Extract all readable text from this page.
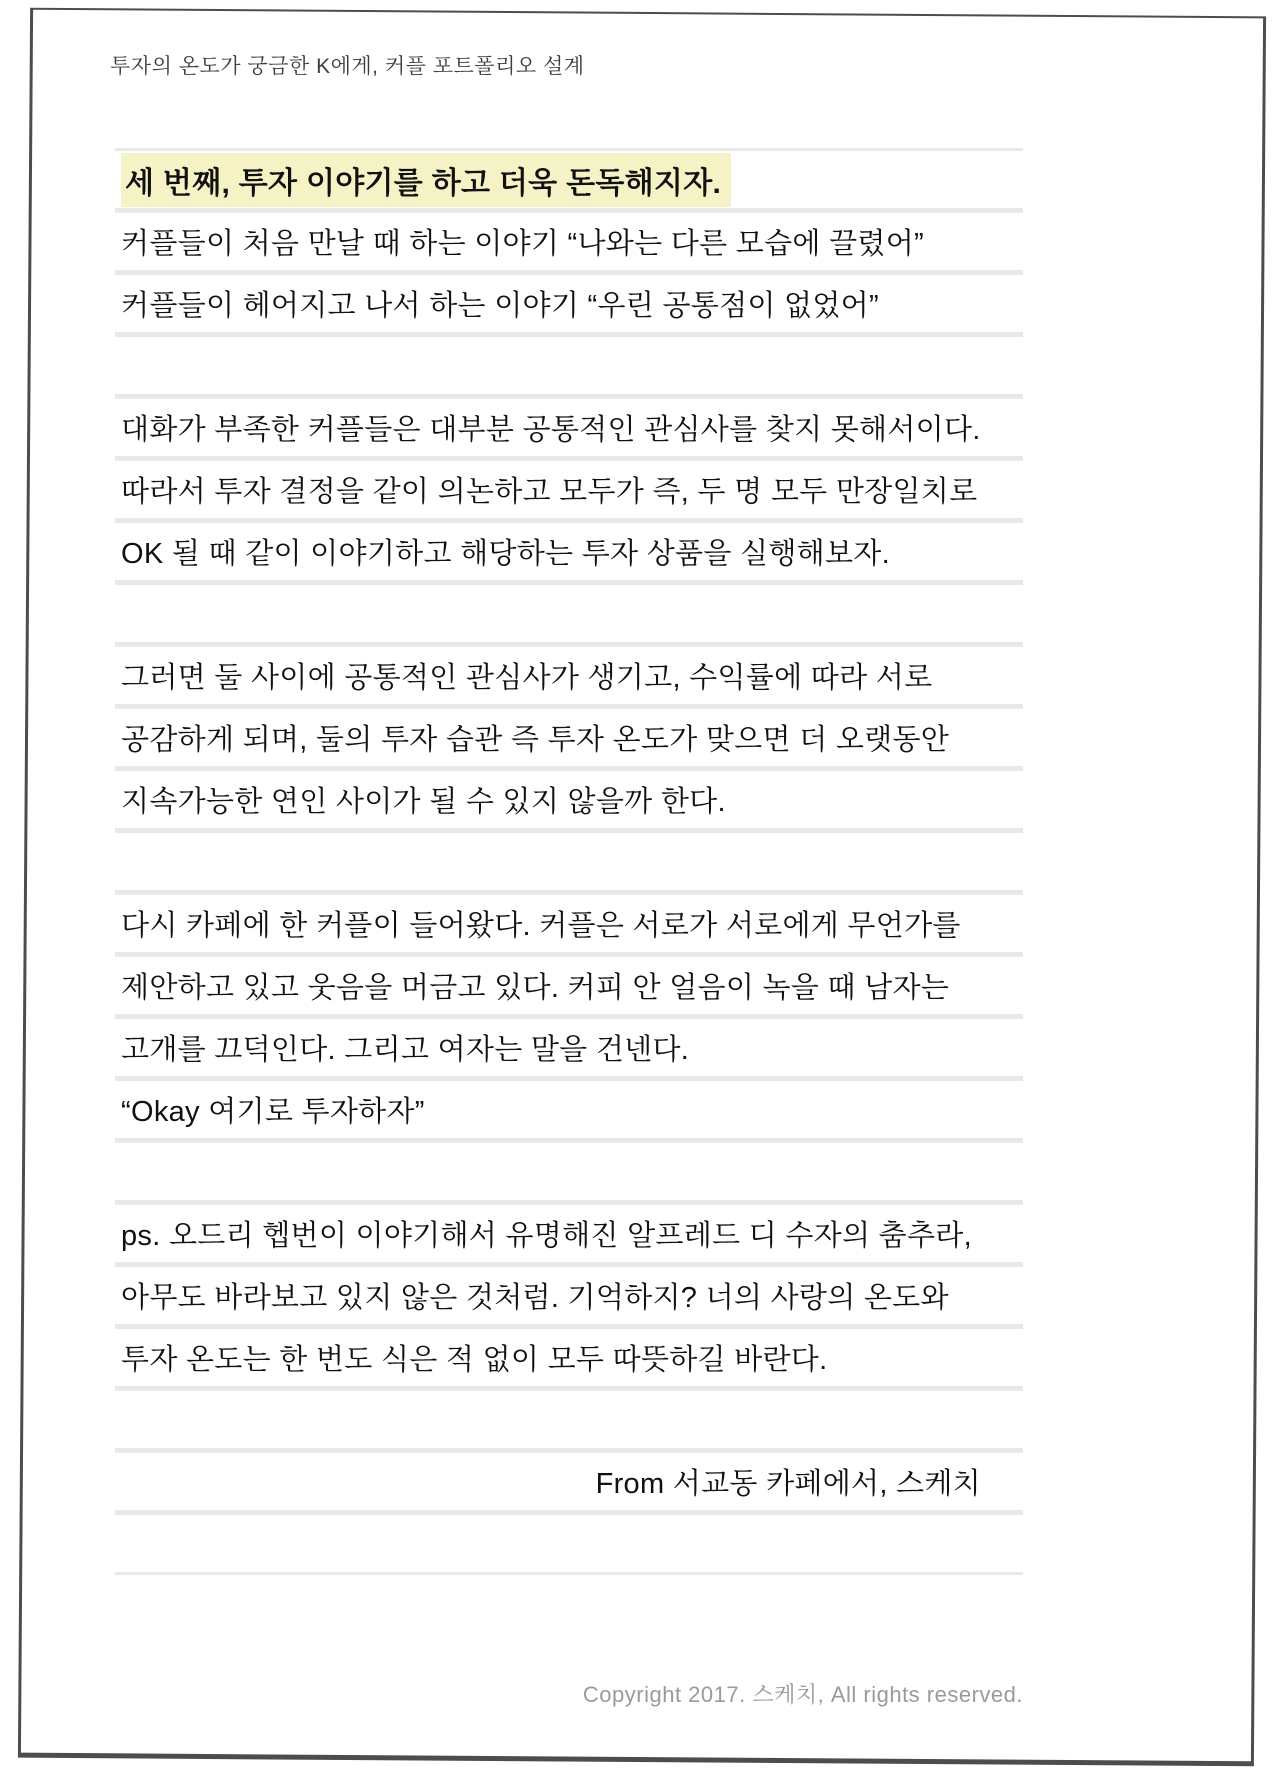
투자의 온도가 궁금한 K에게, 커플 포트폴리오 설계
세 번째, 투자 이야기를 하고 더욱 돈독해지자.
커플들이 처음 만날 때 하는 이야기 “나와는 다른 모습에 끌렸어”
커플들이 헤어지고 나서 하는 이야기 “우린 공통점이 없었어”
대화가 부족한 커플들은 대부분 공통적인 관심사를 찾지 못해서이다.
따라서 투자 결정을 같이 의논하고 모두가 즉, 두 명 모두 만장일치로
OK 될 때 같이 이야기하고 해당하는 투자 상품을 실행해보자.
그러면 둘 사이에 공통적인 관심사가 생기고, 수익률에 따라 서로
공감하게 되며, 둘의 투자 습관 즉 투자 온도가 맞으면 더 오랫동안
지속가능한 연인 사이가 될 수 있지 않을까 한다.
다시 카페에 한 커플이 들어왔다. 커플은 서로가 서로에게 무언가를
제안하고 있고 웃음을 머금고 있다. 커피 안 얼음이 녹을 때 남자는
고개를 끄덕인다. 그리고 여자는 말을 건넨다.
“Okay 여기로 투자하자”
ps. 오드리 헵번이 이야기해서 유명해진 알프레드 디 수자의 춤추라,
아무도 바라보고 있지 않은 것처럼. 기억하지? 너의 사랑의 온도와
투자 온도는 한 번도 식은 적 없이 모두 따뜻하길 바란다.
From 서교동 카페에서, 스케치
Copyright 2017. 스케치, All rights reserved.
